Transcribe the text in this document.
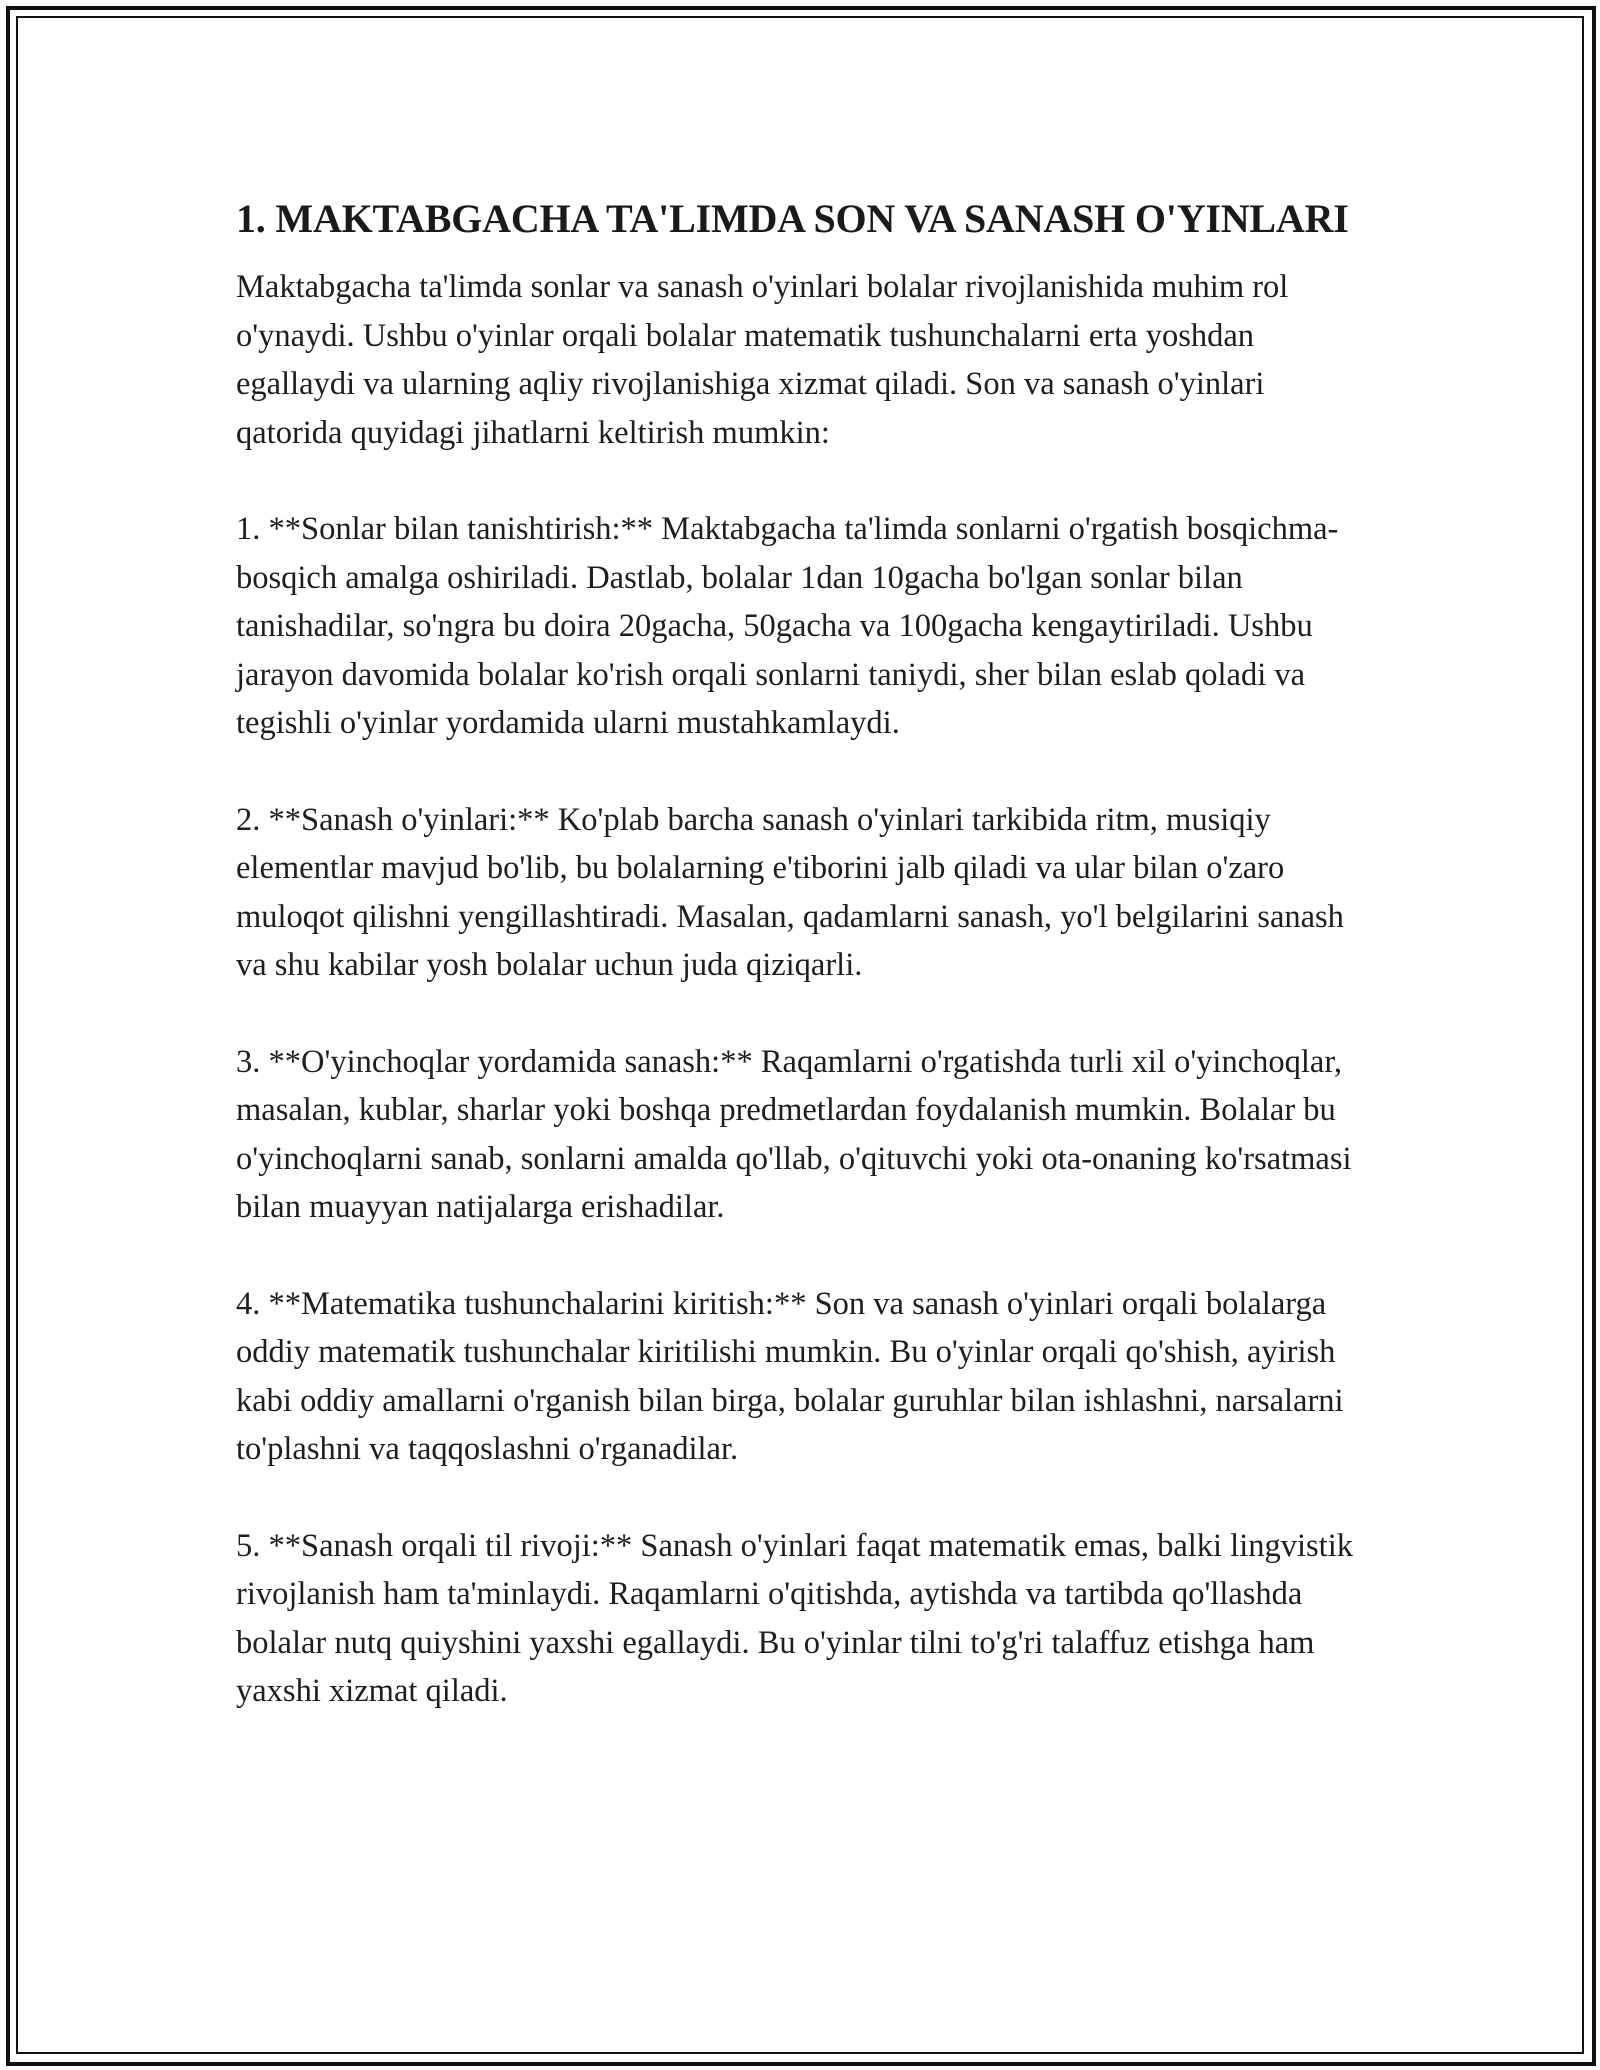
1. MAKTABGACHA TA'LIMDA SON VA SANASH O'YINLARI

Maktabgacha ta'limda sonlar va sanash o'yinlari bolalar rivojlanishida muhim rol o'ynaydi. Ushbu o'yinlar orqali bolalar matematik tushunchalarni erta yoshdan egallaydi va ularning aqliy rivojlanishiga xizmat qiladi. Son va sanash o'yinlari qatorida quyidagi jihatlarni keltirish mumkin:

1. **Sonlar bilan tanishtirish:** Maktabgacha ta'limda sonlarni o'rgatish bosqichma-bosqich amalga oshiriladi. Dastlab, bolalar 1dan 10gacha bo'lgan sonlar bilan tanishadilar, so'ngra bu doira 20gacha, 50gacha va 100gacha kengaytiriladi. Ushbu jarayon davomida bolalar ko'rish orqali sonlarni taniydi, sher bilan eslab qoladi va tegishli o'yinlar yordamida ularni mustahkamlaydi.

2. **Sanash o'yinlari:** Ko'plab barcha sanash o'yinlari tarkibida ritm, musiqiy elementlar mavjud bo'lib, bu bolalarning e'tiborini jalb qiladi va ular bilan o'zaro muloqot qilishni yengillashtiradi. Masalan, qadamlarni sanash, yo'l belgilarini sanash va shu kabilar yosh bolalar uchun juda qiziqarli.

3. **O'yinchoqlar yordamida sanash:** Raqamlarni o'rgatishda turli xil o'yinchoqlar, masalan, kublar, sharlar yoki boshqa predmetlardan foydalanish mumkin. Bolalar bu o'yinchoqlarni sanab, sonlarni amalda qo'llab, o'qituvchi yoki ota-onaning ko'rsatmasi bilan muayyan natijalarga erishadilar.

4. **Matematika tushunchalarini kiritish:** Son va sanash o'yinlari orqali bolalarga oddiy matematik tushunchalar kiritilishi mumkin. Bu o'yinlar orqali qo'shish, ayirish kabi oddiy amallarni o'rganish bilan birga, bolalar guruhlar bilan ishlashni, narsalarni to'plashni va taqqoslashni o'rganadilar.

5. **Sanash orqali til rivoji:** Sanash o'yinlari faqat matematik emas, balki lingvistik rivojlanish ham ta'minlaydi. Raqamlarni o'qitishda, aytishda va tartibda qo'llashda bolalar nutq quiyshini yaxshi egallaydi. Bu o'yinlar tilni to'g'ri talaffuz etishga ham yaxshi xizmat qiladi.
